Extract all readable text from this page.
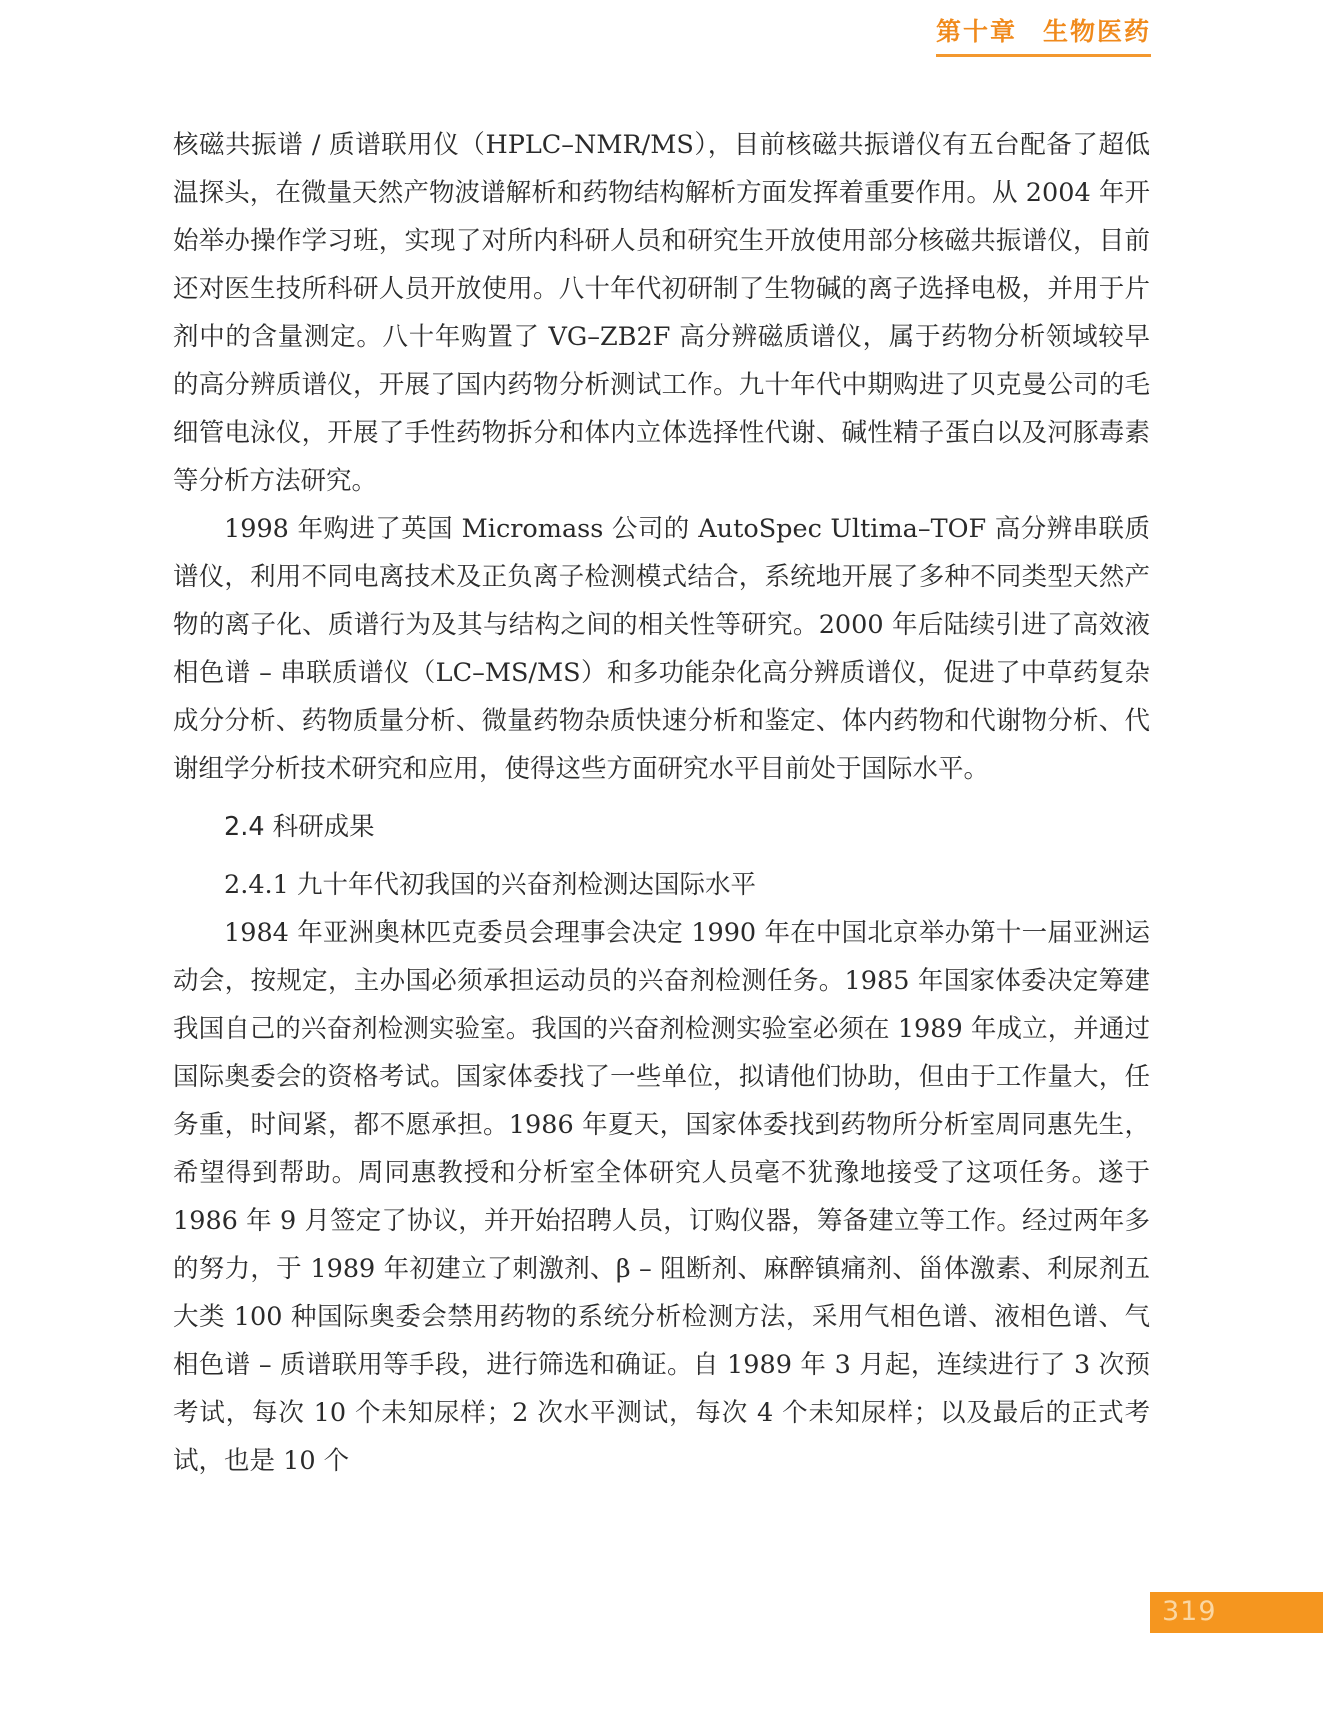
第十章 生物医药

核磁共振谱 / 质谱联用仪（HPLC–NMR/MS），目前核磁共振谱仪有五台配备了超低温探头，在微量天然产物波谱解析和药物结构解析方面发挥着重要作用。从 2004 年开始举办操作学习班，实现了对所内科研人员和研究生开放使用部分核磁共振谱仪，目前还对医生技所科研人员开放使用。八十年代初研制了生物碱的离子选择电极，并用于片剂中的含量测定。八十年购置了 VG–ZB2F 高分辨磁质谱仪，属于药物分析领域较早的高分辨质谱仪，开展了国内药物分析测试工作。九十年代中期购进了贝克曼公司的毛细管电泳仪，开展了手性药物拆分和体内立体选择性代谢、碱性精子蛋白以及河豚毒素等分析方法研究。

1998 年购进了英国 Micromass 公司的 AutoSpec Ultima–TOF 高分辨串联质谱仪，利用不同电离技术及正负离子检测模式结合，系统地开展了多种不同类型天然产物的离子化、质谱行为及其与结构之间的相关性等研究。2000 年后陆续引进了高效液相色谱 – 串联质谱仪（LC–MS/MS）和多功能杂化高分辨质谱仪，促进了中草药复杂成分分析、药物质量分析、微量药物杂质快速分析和鉴定、体内药物和代谢物分析、代谢组学分析技术研究和应用，使得这些方面研究水平目前处于国际水平。

2.4 科研成果

2.4.1 九十年代初我国的兴奋剂检测达国际水平

1984 年亚洲奥林匹克委员会理事会决定 1990 年在中国北京举办第十一届亚洲运动会，按规定，主办国必须承担运动员的兴奋剂检测任务。1985 年国家体委决定筹建我国自己的兴奋剂检测实验室。我国的兴奋剂检测实验室必须在 1989 年成立，并通过国际奥委会的资格考试。国家体委找了一些单位，拟请他们协助，但由于工作量大，任务重，时间紧，都不愿承担。1986 年夏天，国家体委找到药物所分析室周同惠先生，希望得到帮助。周同惠教授和分析室全体研究人员毫不犹豫地接受了这项任务。遂于 1986 年 9 月签定了协议，并开始招聘人员，订购仪器，筹备建立等工作。经过两年多的努力，于 1989 年初建立了刺激剂、β – 阻断剂、麻醉镇痛剂、甾体激素、利尿剂五大类 100 种国际奥委会禁用药物的系统分析检测方法，采用气相色谱、液相色谱、气相色谱 – 质谱联用等手段，进行筛选和确证。自 1989 年 3 月起，连续进行了 3 次预考试，每次 10 个未知尿样；2 次水平测试，每次 4 个未知尿样；以及最后的正式考试，也是 10 个

319
